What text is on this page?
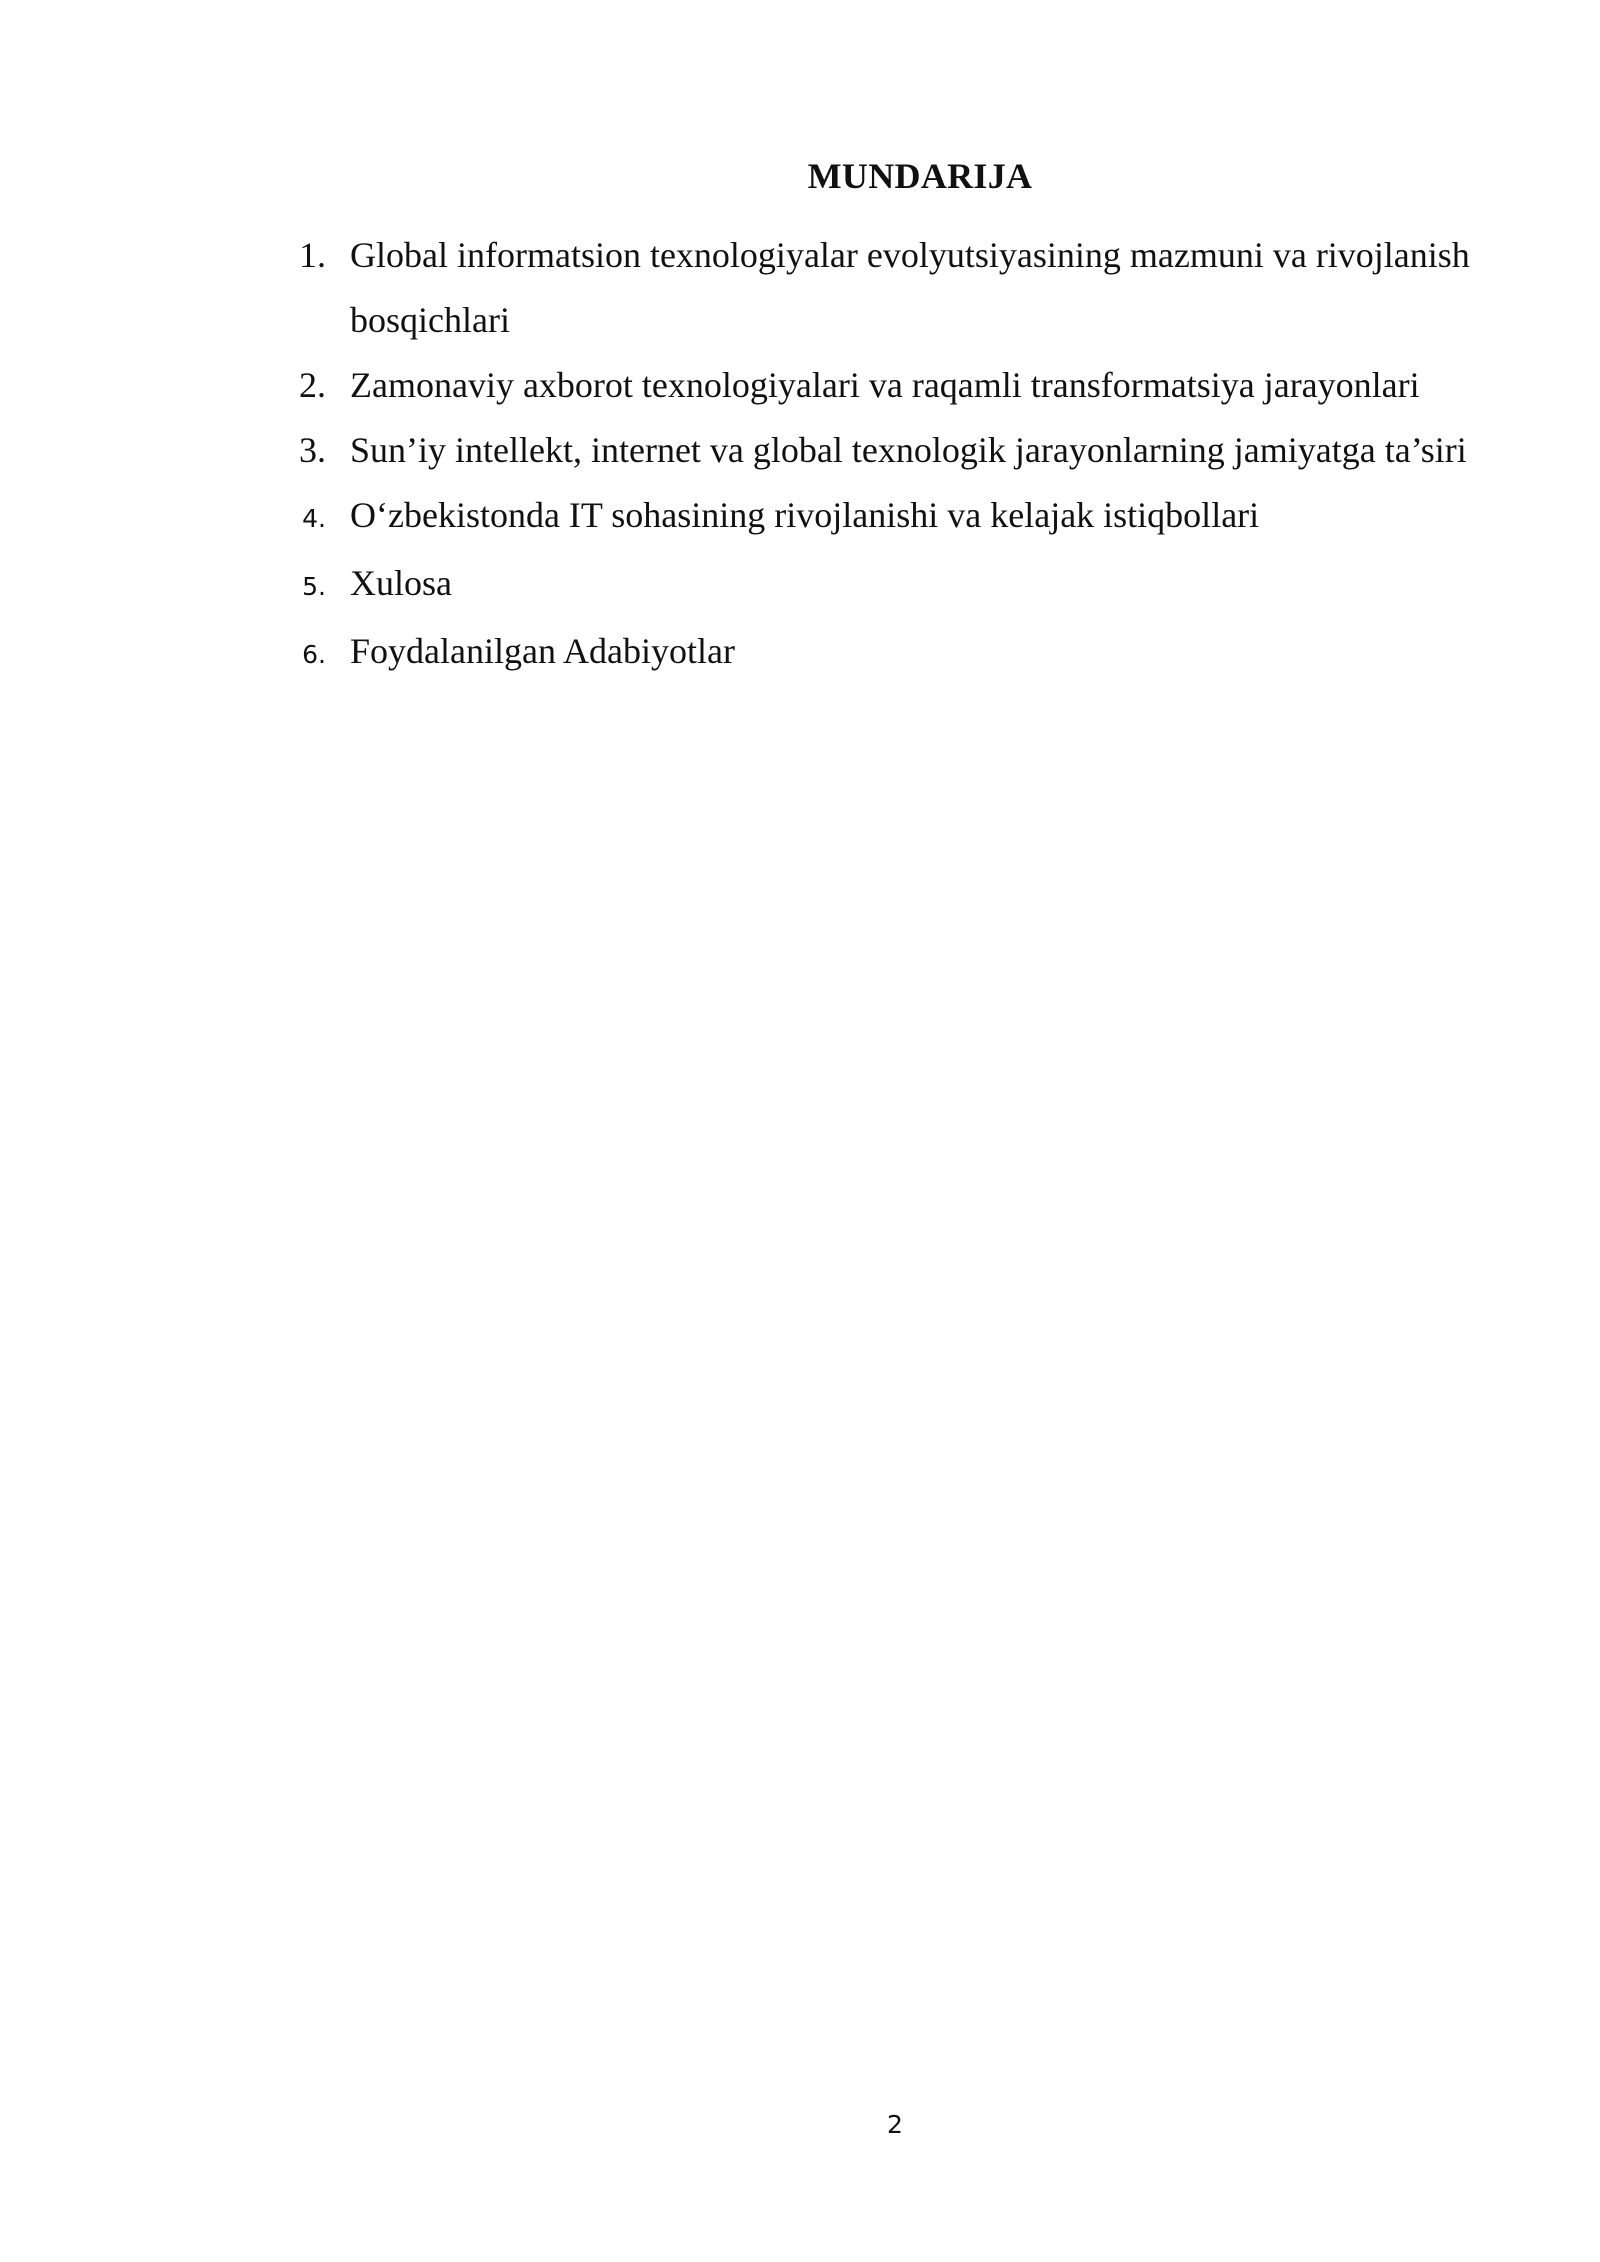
MUNDARIJA
1. Global informatsion texnologiyalar evolyutsiyasining mazmuni va rivojlanish bosqichlari
2. Zamonaviy axborot texnologiyalari va raqamli transformatsiya jarayonlari
3. Sun’iy intellekt, internet va global texnologik jarayonlarning jamiyatga ta’siri
4. O‘zbekistonda IT sohasining rivojlanishi va kelajak istiqbollari
5. Xulosa
6. Foydalanilgan Adabiyotlar
2
